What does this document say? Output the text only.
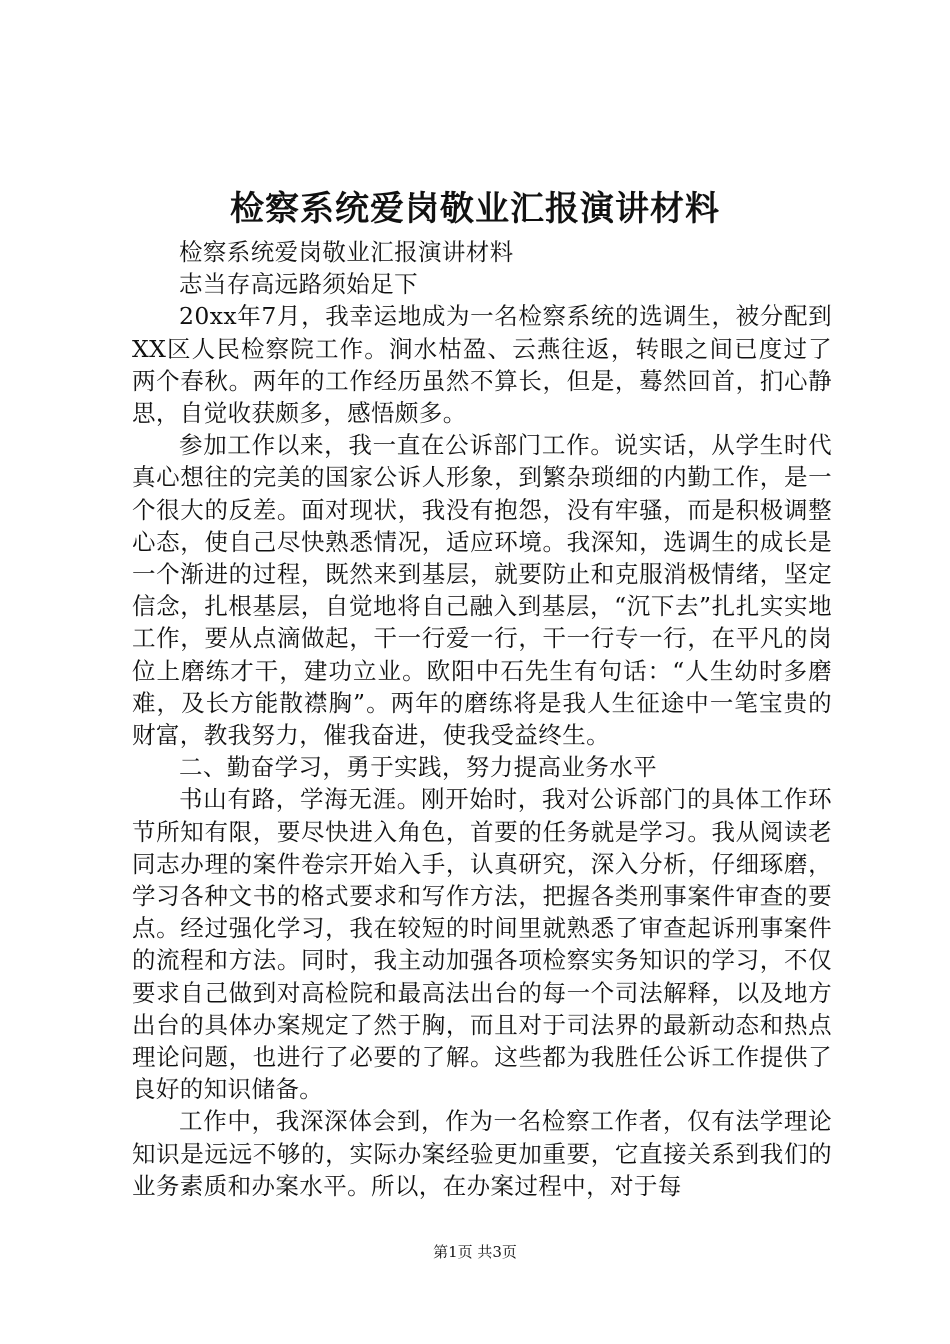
检察系统爱岗敬业汇报演讲材料

检察系统爱岗敬业汇报演讲材料

志当存高远路须始足下

20xx年7月，我幸运地成为一名检察系统的选调生，被分配到XX区人民检察院工作。涧水枯盈、云燕往返，转眼之间已度过了两个春秋。两年的工作经历虽然不算长，但是，蓦然回首，扪心静思，自觉收获颇多，感悟颇多。

参加工作以来，我一直在公诉部门工作。说实话，从学生时代真心想往的完美的国家公诉人形象，到繁杂琐细的内勤工作，是一个很大的反差。面对现状，我没有抱怨，没有牢骚，而是积极调整心态，使自己尽快熟悉情况，适应环境。我深知，选调生的成长是一个渐进的过程，既然来到基层，就要防止和克服消极情绪，坚定信念，扎根基层，自觉地将自己融入到基层，“沉下去”扎扎实实地工作，要从点滴做起，干一行爱一行，干一行专一行，在平凡的岗位上磨练才干，建功立业。欧阳中石先生有句话：“人生幼时多磨难，及长方能散襟胸”。两年的磨练将是我人生征途中一笔宝贵的财富，教我努力，催我奋进，使我受益终生。

二、勤奋学习，勇于实践，努力提高业务水平

书山有路，学海无涯。刚开始时，我对公诉部门的具体工作环节所知有限，要尽快进入角色，首要的任务就是学习。我从阅读老同志办理的案件卷宗开始入手，认真研究，深入分析，仔细琢磨，学习各种文书的格式要求和写作方法，把握各类刑事案件审查的要点。经过强化学习，我在较短的时间里就熟悉了审查起诉刑事案件的流程和方法。同时，我主动加强各项检察实务知识的学习，不仅要求自己做到对高检院和最高法出台的每一个司法解释，以及地方出台的具体办案规定了然于胸，而且对于司法界的最新动态和热点理论问题，也进行了必要的了解。这些都为我胜任公诉工作提供了良好的知识储备。

工作中，我深深体会到，作为一名检察工作者，仅有法学理论知识是远远不够的，实际办案经验更加重要，它直接关系到我们的业务素质和办案水平。所以，在办案过程中，对于每

第1页 共3页
